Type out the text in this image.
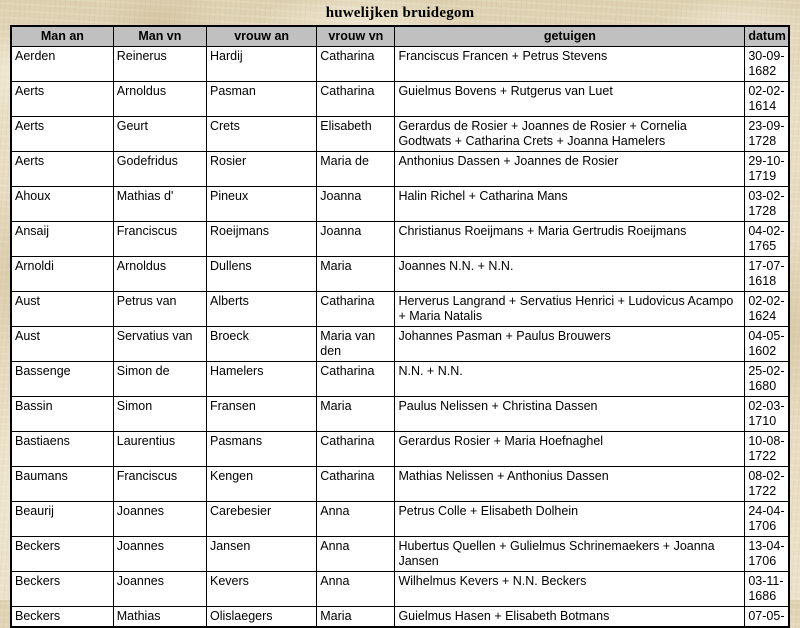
huwelijken bruidegom
Man an	Man vn	vrouw an	vrouw vn	getuigen	datum
Aerden	Reinerus	Hardij	Catharina	Franciscus Francen + Petrus Stevens	30-09-1682
Aerts	Arnoldus	Pasman	Catharina	Guielmus Bovens + Rutgerus van Luet	02-02-1614
Aerts	Geurt	Crets	Elisabeth	Gerardus de Rosier + Joannes de Rosier + Cornelia Godtwats + Catharina Crets + Joanna Hamelers	23-09-1728
Aerts	Godefridus	Rosier	Maria de	Anthonius Dassen + Joannes de Rosier	29-10-1719
Ahoux	Mathias d'	Pineux	Joanna	Halin Richel + Catharina Mans	03-02-1728
Ansaij	Franciscus	Roeijmans	Joanna	Christianus Roeijmans + Maria Gertrudis Roeijmans	04-02-1765
Arnoldi	Arnoldus	Dullens	Maria	Joannes N.N. + N.N.	17-07-1618
Aust	Petrus van	Alberts	Catharina	Herverus Langrand + Servatius Henrici + Ludovicus Acampo + Maria Natalis	02-02-1624
Aust	Servatius van	Broeck	Maria van den	Johannes Pasman + Paulus Brouwers	04-05-1602
Bassenge	Simon de	Hamelers	Catharina	N.N. + N.N.	25-02-1680
Bassin	Simon	Fransen	Maria	Paulus Nelissen + Christina Dassen	02-03-1710
Bastiaens	Laurentius	Pasmans	Catharina	Gerardus Rosier + Maria Hoefnaghel	10-08-1722
Baumans	Franciscus	Kengen	Catharina	Mathias Nelissen + Anthonius Dassen	08-02-1722
Beaurij	Joannes	Carebesier	Anna	Petrus Colle + Elisabeth Dolhein	24-04-1706
Beckers	Joannes	Jansen	Anna	Hubertus Quellen + Gulielmus Schrinemaekers + Joanna Jansen	13-04-1706
Beckers	Joannes	Kevers	Anna	Wilhelmus Kevers + N.N. Beckers	03-11-1686
Beckers	Mathias	Olislaegers	Maria	Guielmus Hasen + Elisabeth Botmans	07-05-
